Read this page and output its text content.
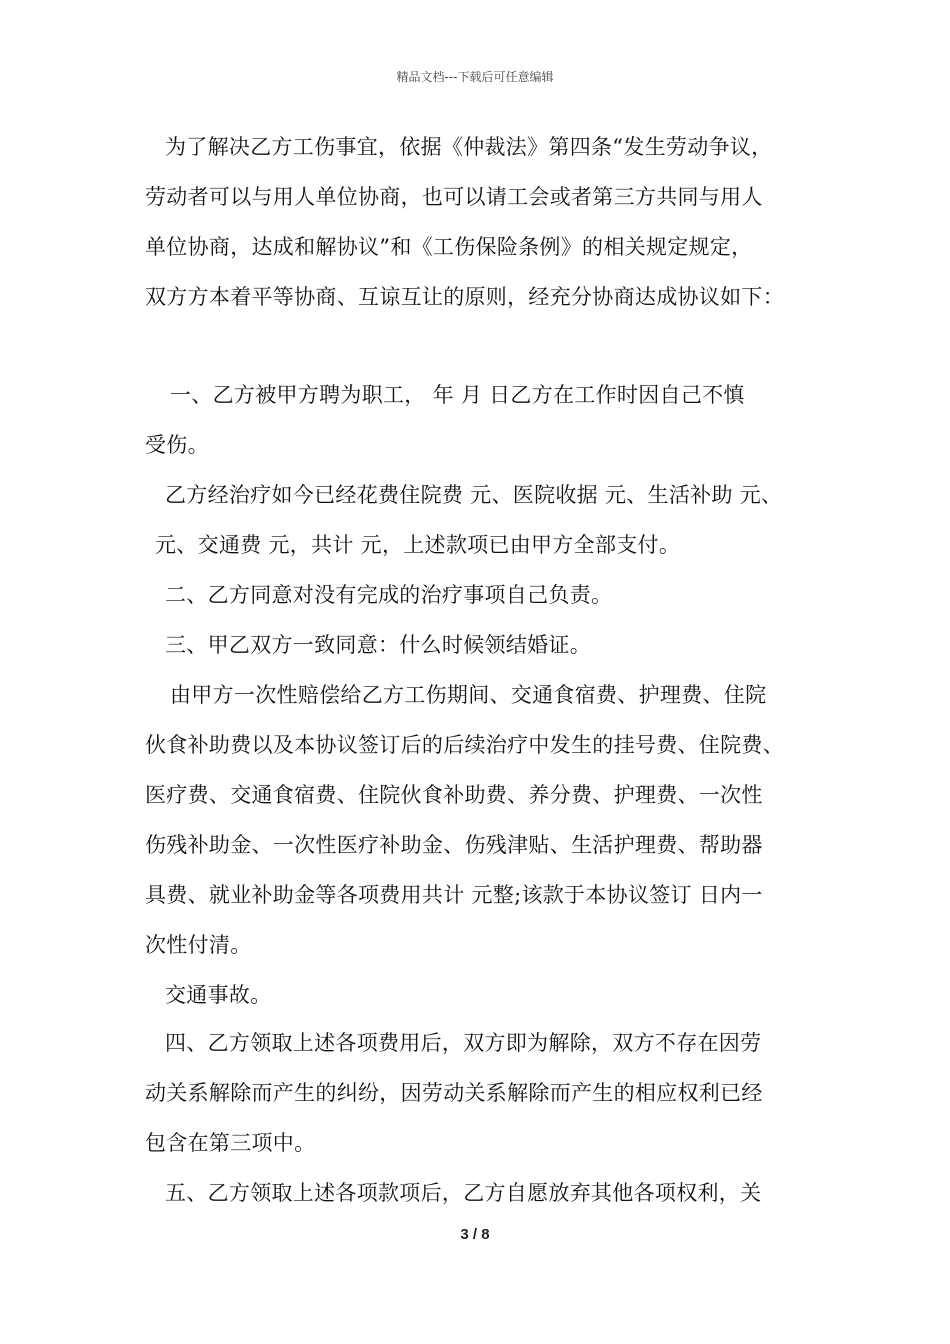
精品文档---下载后可任意编辑
为了解决乙方工伤事宜，依据《仲裁法》第四条“发生劳动争议，
劳动者可以与用人单位协商，也可以请工会或者第三方共同与用人
单位协商，达成和解协议”和《工伤保险条例》的相关规定规定，
双方方本着平等协商、互谅互让的原则，经充分协商达成协议如下：
一、乙方被甲方聘为职工， 年 月 日乙方在工作时因自己不慎
受伤。
乙方经治疗如今已经花费住院费 元、医院收据 元、生活补助 元、
元、交通费 元，共计 元，上述款项已由甲方全部支付。
二、乙方同意对没有完成的治疗事项自己负责。
三、甲乙双方一致同意：什么时候领结婚证。
由甲方一次性赔偿给乙方工伤期间、交通食宿费、护理费、住院
伙食补助费以及本协议签订后的后续治疗中发生的挂号费、住院费、
医疗费、交通食宿费、住院伙食补助费、养分费、护理费、一次性
伤残补助金、一次性医疗补助金、伤残津贴、生活护理费、帮助器
具费、就业补助金等各项费用共计 元整;该款于本协议签订 日内一
次性付清。
交通事故。
四、乙方领取上述各项费用后，双方即为解除，双方不存在因劳
动关系解除而产生的纠纷，因劳动关系解除而产生的相应权利已经
包含在第三项中。
五、乙方领取上述各项款项后，乙方自愿放弃其他各项权利，关
3 / 8
